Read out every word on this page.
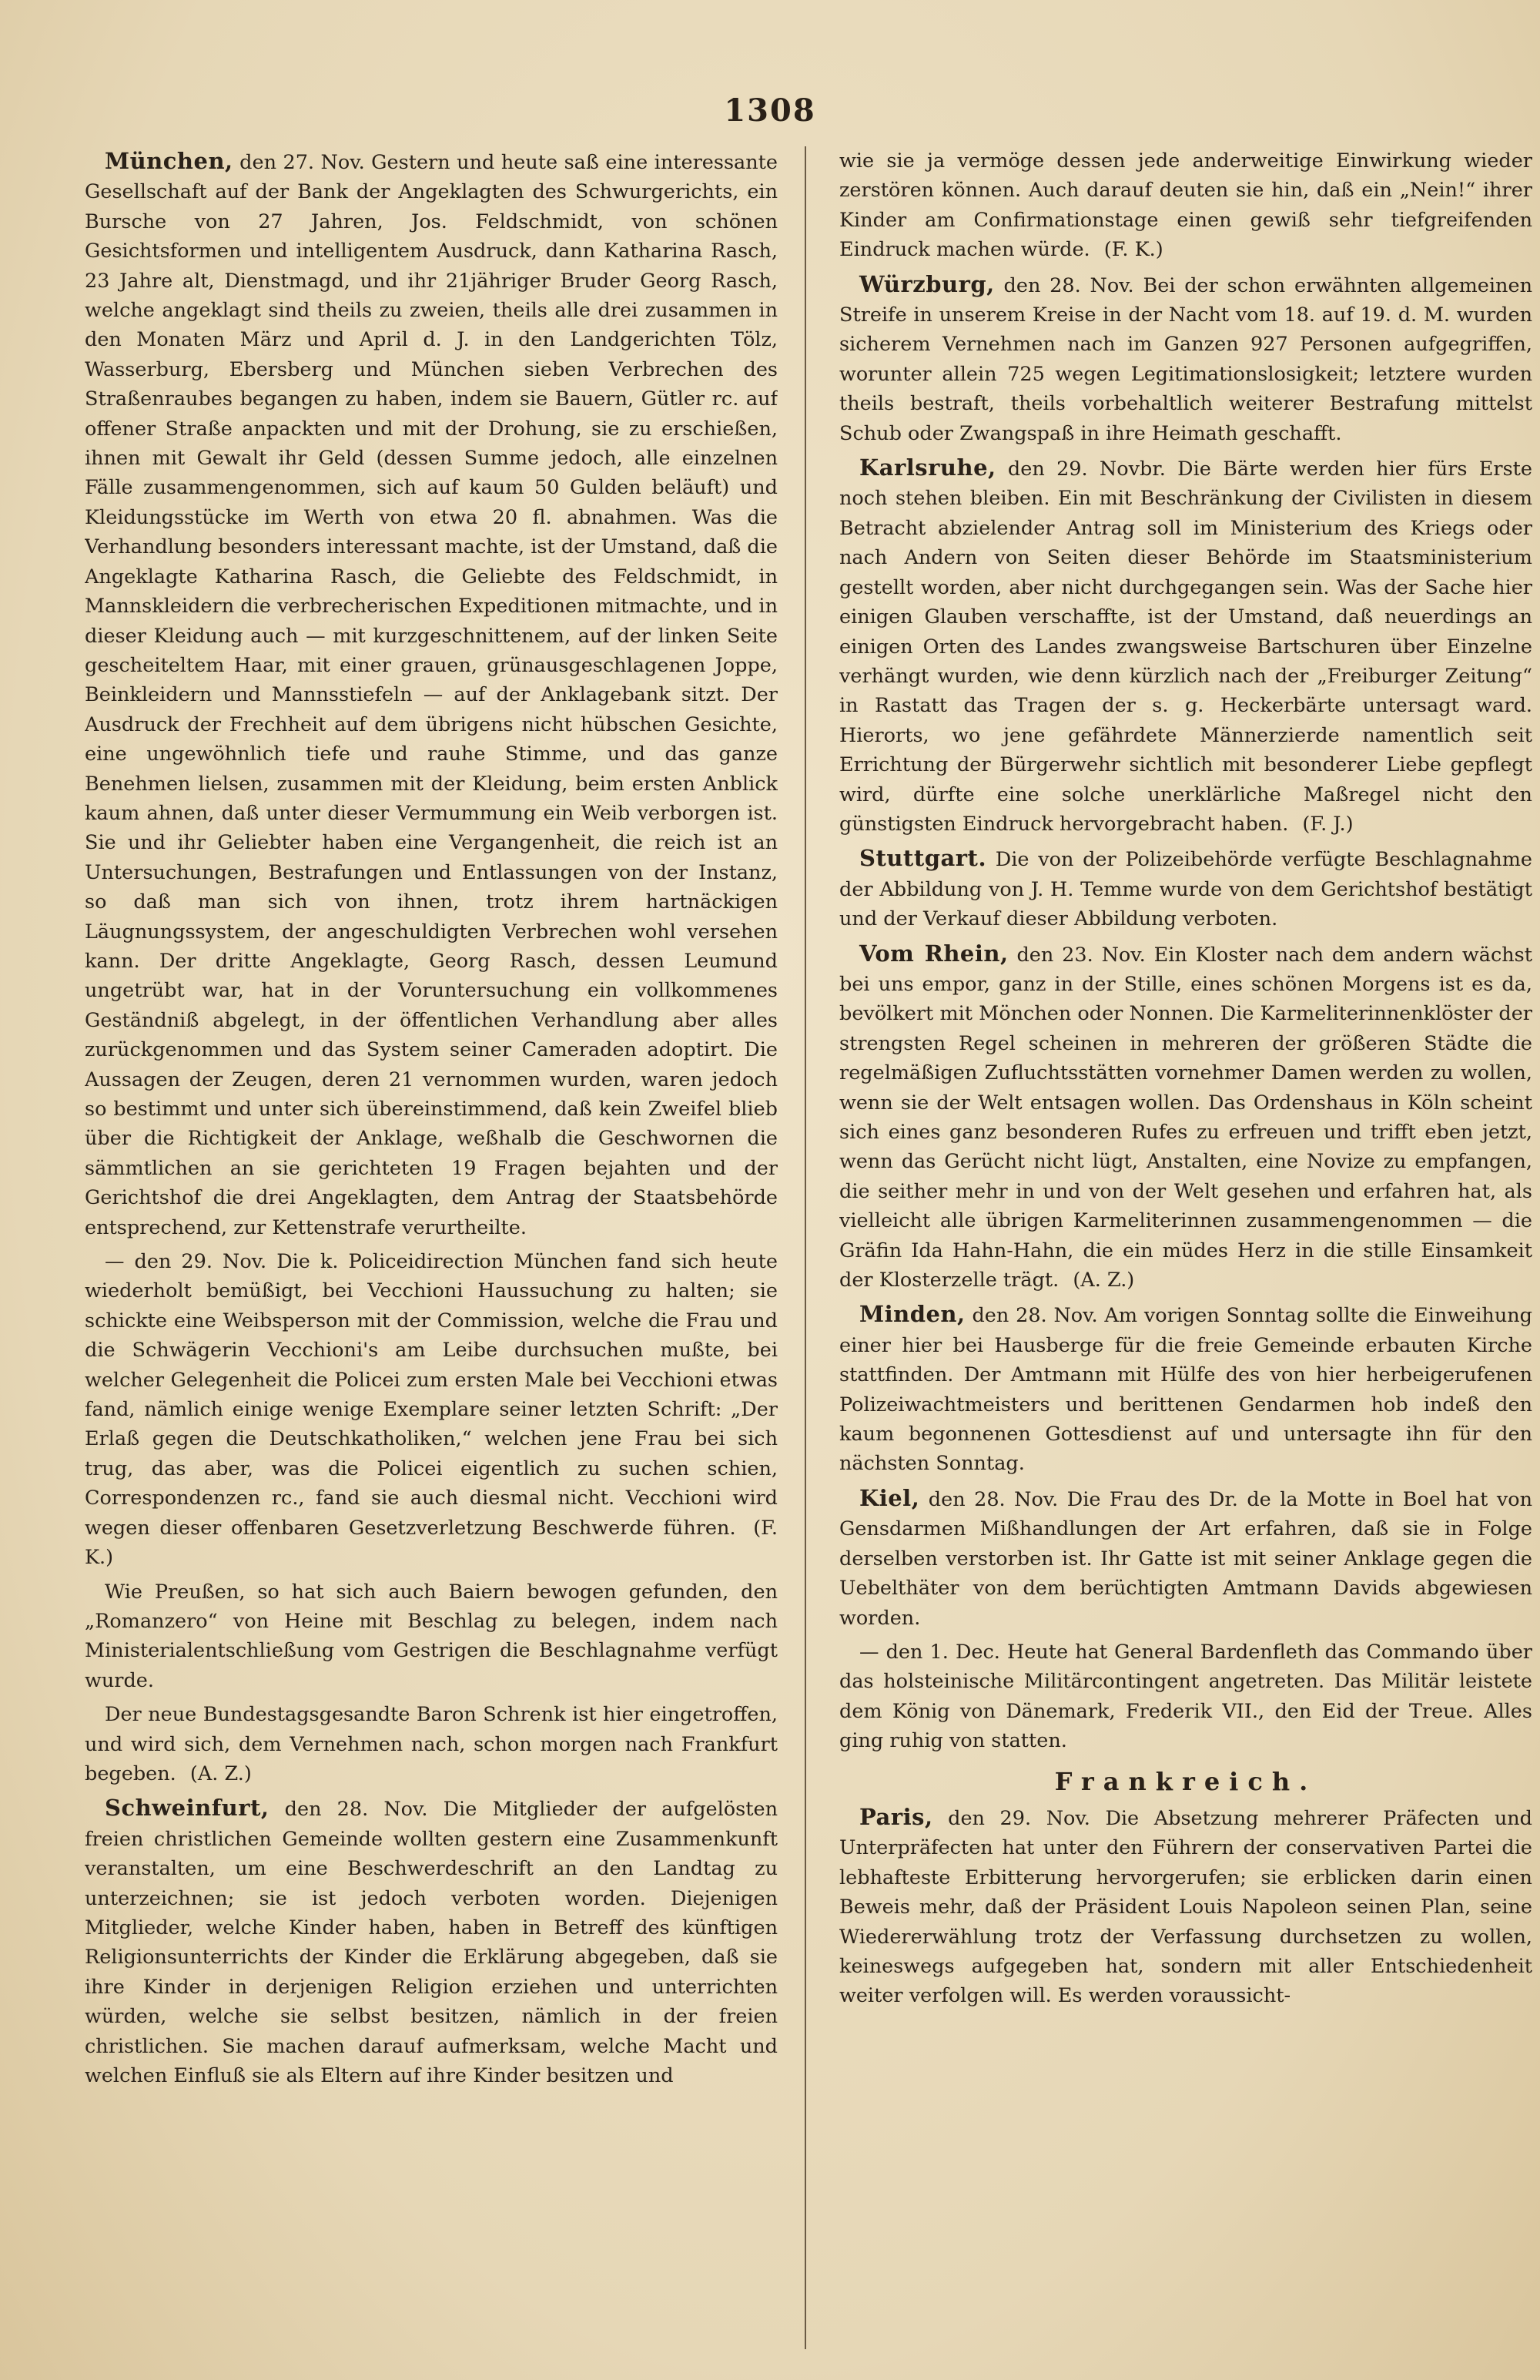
1308

München, den 27. Nov. Gestern und heute saß eine interessante Gesellschaft auf der Bank der Angeklagten des Schwurgerichts, ein Bursche von 27 Jahren, Jos. Feldschmidt, von schönen Gesichtsformen und intelligentem Ausdruck, dann Katharina Rasch, 23 Jahre alt, Dienstmagd, und ihr 21jähriger Bruder Georg Rasch, welche angeklagt sind theils zu zweien, theils alle drei zusammen in den Monaten März und April d. J. in den Landgerichten Tölz, Wasserburg, Ebersberg und München sieben Verbrechen des Straßenraubes begangen zu haben, indem sie Bauern, Gütler rc. auf offener Straße anpackten und mit der Drohung, sie zu erschießen, ihnen mit Gewalt ihr Geld (dessen Summe jedoch, alle einzelnen Fälle zusammengenommen, sich auf kaum 50 Gulden beläuft) und Kleidungsstücke im Werth von etwa 20 fl. abnahmen. Was die Verhandlung besonders interessant machte, ist der Umstand, daß die Angeklagte Katharina Rasch, die Geliebte des Feldschmidt, in Mannskleidern die verbrecherischen Expeditionen mitmachte, und in dieser Kleidung auch — mit kurzgeschnittenem, auf der linken Seite gescheiteltem Haar, mit einer grauen, grünausgeschlagenen Joppe, Beinkleidern und Mannsstiefeln — auf der Anklagebank sitzt. Der Ausdruck der Frechheit auf dem übrigens nicht hübschen Gesichte, eine ungewöhnlich tiefe und rauhe Stimme, und das ganze Benehmen lielsen, zusammen mit der Kleidung, beim ersten Anblick kaum ahnen, daß unter dieser Vermummung ein Weib verborgen ist. Sie und ihr Geliebter haben eine Vergangenheit, die reich ist an Untersuchungen, Bestrafungen und Entlassungen von der Instanz, so daß man sich von ihnen, trotz ihrem hartnäckigen Läugnungssystem, der angeschuldigten Verbrechen wohl versehen kann. Der dritte Angeklagte, Georg Rasch, dessen Leumund ungetrübt war, hat in der Voruntersuchung ein vollkommenes Geständniß abgelegt, in der öffentlichen Verhandlung aber alles zurückgenommen und das System seiner Cameraden adoptirt. Die Aussagen der Zeugen, deren 21 vernommen wurden, waren jedoch so bestimmt und unter sich übereinstimmend, daß kein Zweifel blieb über die Richtigkeit der Anklage, weßhalb die Geschwornen die sämmtlichen an sie gerichteten 19 Fragen bejahten und der Gerichtshof die drei Angeklagten, dem Antrag der Staatsbehörde entsprechend, zur Kettenstrafe verurtheilte.

— den 29. Nov. Die k. Policeidirection München fand sich heute wiederholt bemüßigt, bei Vecchioni Haussuchung zu halten; sie schickte eine Weibsperson mit der Commission, welche die Frau und die Schwägerin Vecchioni's am Leibe durchsuchen mußte, bei welcher Gelegenheit die Policei zum ersten Male bei Vecchioni etwas fand, nämlich einige wenige Exemplare seiner letzten Schrift: „Der Erlaß gegen die Deutschkatholiken,“ welchen jene Frau bei sich trug, das aber, was die Policei eigentlich zu suchen schien, Correspondenzen rc., fand sie auch diesmal nicht. Vecchioni wird wegen dieser offenbaren Gesetzverletzung Beschwerde führen. (F. K.)

Wie Preußen, so hat sich auch Baiern bewogen gefunden, den „Romanzero“ von Heine mit Beschlag zu belegen, indem nach Ministerialentschließung vom Gestrigen die Beschlagnahme verfügt wurde.

Der neue Bundestagsgesandte Baron Schrenk ist hier eingetroffen, und wird sich, dem Vernehmen nach, schon morgen nach Frankfurt begeben. (A. Z.)

Schweinfurt, den 28. Nov. Die Mitglieder der aufgelösten freien christlichen Gemeinde wollten gestern eine Zusammenkunft veranstalten, um eine Beschwerdeschrift an den Landtag zu unterzeichnen; sie ist jedoch verboten worden. Diejenigen Mitglieder, welche Kinder haben, haben in Betreff des künftigen Religionsunterrichts der Kinder die Erklärung abgegeben, daß sie ihre Kinder in derjenigen Religion erziehen und unterrichten würden, welche sie selbst besitzen, nämlich in der freien christlichen. Sie machen darauf aufmerksam, welche Macht und welchen Einfluß sie als Eltern auf ihre Kinder besitzen und

wie sie ja vermöge dessen jede anderweitige Einwirkung wieder zerstören können. Auch darauf deuten sie hin, daß ein „Nein!“ ihrer Kinder am Confirmationstage einen gewiß sehr tiefgreifenden Eindruck machen würde. (F. K.)

Würzburg, den 28. Nov. Bei der schon erwähnten allgemeinen Streife in unserem Kreise in der Nacht vom 18. auf 19. d. M. wurden sicherem Vernehmen nach im Ganzen 927 Personen aufgegriffen, worunter allein 725 wegen Legitimationslosigkeit; letztere wurden theils bestraft, theils vorbehaltlich weiterer Bestrafung mittelst Schub oder Zwangspaß in ihre Heimath geschafft.

Karlsruhe, den 29. Novbr. Die Bärte werden hier fürs Erste noch stehen bleiben. Ein mit Beschränkung der Civilisten in diesem Betracht abzielender Antrag soll im Ministerium des Kriegs oder nach Andern von Seiten dieser Behörde im Staatsministerium gestellt worden, aber nicht durchgegangen sein. Was der Sache hier einigen Glauben verschaffte, ist der Umstand, daß neuerdings an einigen Orten des Landes zwangsweise Bartschuren über Einzelne verhängt wurden, wie denn kürzlich nach der „Freiburger Zeitung“ in Rastatt das Tragen der s. g. Heckerbärte untersagt ward. Hierorts, wo jene gefährdete Männerzierde namentlich seit Errichtung der Bürgerwehr sichtlich mit besonderer Liebe gepflegt wird, dürfte eine solche unerklärliche Maßregel nicht den günstigsten Eindruck hervorgebracht haben. (F. J.)

Stuttgart. Die von der Polizeibehörde verfügte Beschlagnahme der Abbildung von J. H. Temme wurde von dem Gerichtshof bestätigt und der Verkauf dieser Abbildung verboten.

Vom Rhein, den 23. Nov. Ein Kloster nach dem andern wächst bei uns empor, ganz in der Stille, eines schönen Morgens ist es da, bevölkert mit Mönchen oder Nonnen. Die Karmeliterinnenklöster der strengsten Regel scheinen in mehreren der größeren Städte die regelmäßigen Zufluchtsstätten vornehmer Damen werden zu wollen, wenn sie der Welt entsagen wollen. Das Ordenshaus in Köln scheint sich eines ganz besonderen Rufes zu erfreuen und trifft eben jetzt, wenn das Gerücht nicht lügt, Anstalten, eine Novize zu empfangen, die seither mehr in und von der Welt gesehen und erfahren hat, als vielleicht alle übrigen Karmeliterinnen zusammengenommen — die Gräfin Ida Hahn-Hahn, die ein müdes Herz in die stille Einsamkeit der Klosterzelle trägt. (A. Z.)

Minden, den 28. Nov. Am vorigen Sonntag sollte die Einweihung einer hier bei Hausberge für die freie Gemeinde erbauten Kirche stattfinden. Der Amtmann mit Hülfe des von hier herbeigerufenen Polizeiwachtmeisters und berittenen Gendarmen hob indeß den kaum begonnenen Gottesdienst auf und untersagte ihn für den nächsten Sonntag.

Kiel, den 28. Nov. Die Frau des Dr. de la Motte in Boel hat von Gensdarmen Mißhandlungen der Art erfahren, daß sie in Folge derselben verstorben ist. Ihr Gatte ist mit seiner Anklage gegen die Uebelthäter von dem berüchtigten Amtmann Davids abgewiesen worden.

— den 1. Dec. Heute hat General Bardenfleth das Commando über das holsteinische Militärcontingent angetreten. Das Militär leistete dem König von Dänemark, Frederik VII., den Eid der Treue. Alles ging ruhig von statten.

Frankreich.

Paris, den 29. Nov. Die Absetzung mehrerer Präfecten und Unterpräfecten hat unter den Führern der conservativen Partei die lebhafteste Erbitterung hervorgerufen; sie erblicken darin einen Beweis mehr, daß der Präsident Louis Napoleon seinen Plan, seine Wiedererwählung trotz der Verfassung durchsetzen zu wollen, keineswegs aufgegeben hat, sondern mit aller Entschiedenheit weiter verfolgen will. Es werden voraussicht-
